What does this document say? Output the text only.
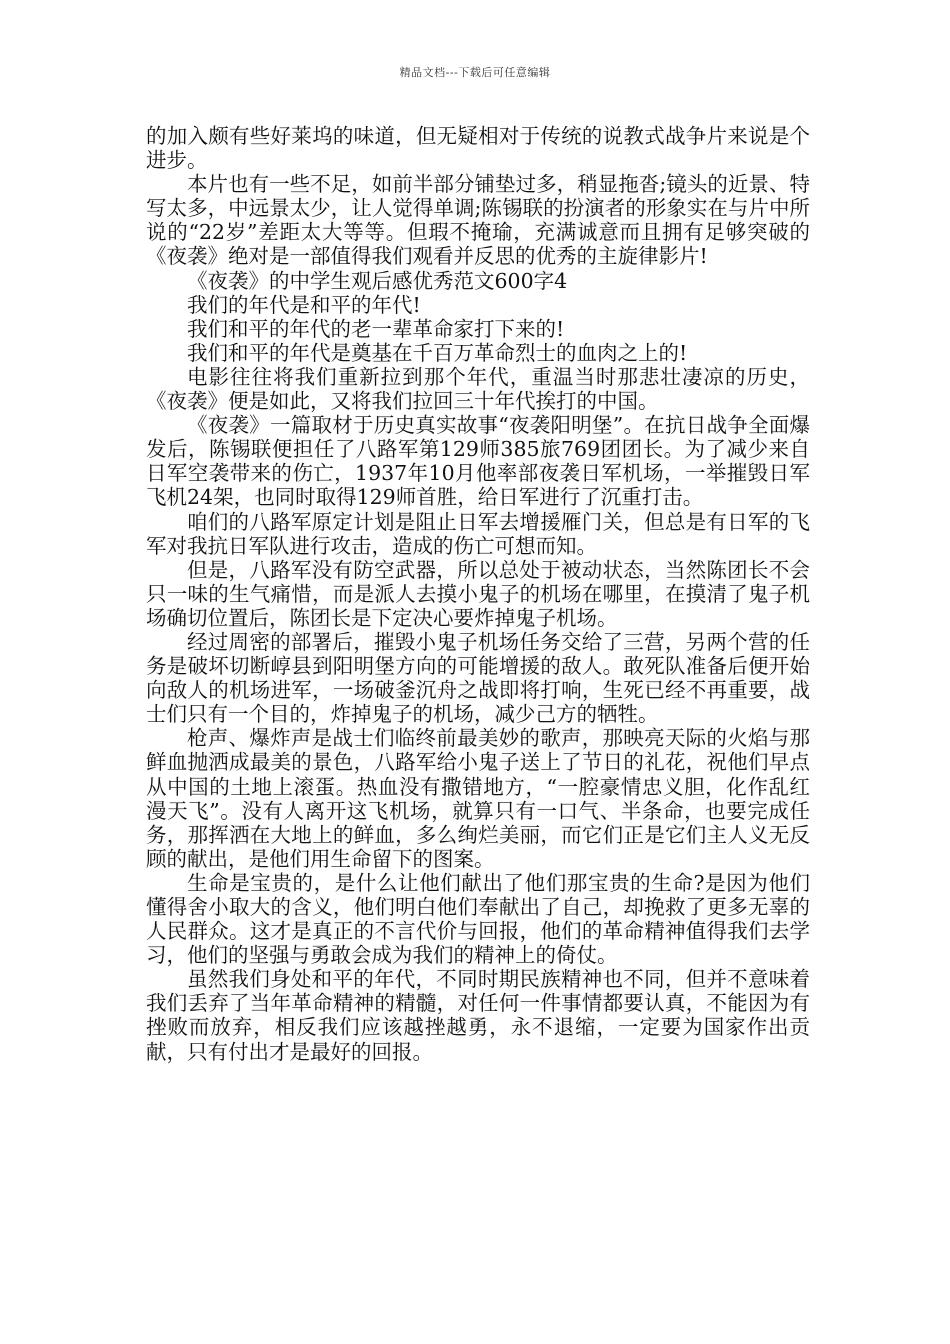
精品文档---下载后可任意编辑

的加入颇有些好莱坞的味道，但无疑相对于传统的说教式战争片来说是个进步。

本片也有一些不足，如前半部分铺垫过多，稍显拖沓;镜头的近景、特写太多，中远景太少，让人觉得单调;陈锡联的扮演者的形象实在与片中所说的“22岁”差距太大等等。但瑕不掩瑜，充满诚意而且拥有足够突破的《夜袭》绝对是一部值得我们观看并反思的优秀的主旋律影片!

《夜袭》的中学生观后感优秀范文600字4

我们的年代是和平的年代!

我们和平的年代的老一辈革命家打下来的!

我们和平的年代是奠基在千百万革命烈士的血肉之上的!

电影往往将我们重新拉到那个年代，重温当时那悲壮凄凉的历史，《夜袭》便是如此，又将我们拉回三十年代挨打的中国。

《夜袭》一篇取材于历史真实故事“夜袭阳明堡”。在抗日战争全面爆发后，陈锡联便担任了八路军第129师385旅769团团长。为了减少来自日军空袭带来的伤亡，1937年10月他率部夜袭日军机场，一举摧毁日军飞机24架，也同时取得129师首胜，给日军进行了沉重打击。

咱们的八路军原定计划是阻止日军去增援雁门关，但总是有日军的飞军对我抗日军队进行攻击，造成的伤亡可想而知。

但是，八路军没有防空武器，所以总处于被动状态，当然陈团长不会只一味的生气痛惜，而是派人去摸小鬼子的机场在哪里，在摸清了鬼子机场确切位置后，陈团长是下定决心要炸掉鬼子机场。

经过周密的部署后，摧毁小鬼子机场任务交给了三营，另两个营的任务是破坏切断崞县到阳明堡方向的可能增援的敌人。敢死队准备后便开始向敌人的机场进军，一场破釜沉舟之战即将打响，生死已经不再重要，战士们只有一个目的，炸掉鬼子的机场，减少己方的牺牲。

枪声、爆炸声是战士们临终前最美妙的歌声，那映亮天际的火焰与那鲜血抛洒成最美的景色，八路军给小鬼子送上了节日的礼花，祝他们早点从中国的土地上滚蛋。热血没有撒错地方，“一腔豪情忠义胆，化作乱红漫天飞”。没有人离开这飞机场，就算只有一口气、半条命，也要完成任务，那挥洒在大地上的鲜血，多么绚烂美丽，而它们正是它们主人义无反顾的献出，是他们用生命留下的图案。

生命是宝贵的，是什么让他们献出了他们那宝贵的生命?是因为他们懂得舍小取大的含义，他们明白他们奉献出了自己，却挽救了更多无辜的人民群众。这才是真正的不言代价与回报，他们的革命精神值得我们去学习，他们的坚强与勇敢会成为我们的精神上的倚仗。

虽然我们身处和平的年代，不同时期民族精神也不同，但并不意味着我们丢弃了当年革命精神的精髓，对任何一件事情都要认真，不能因为有挫败而放弃，相反我们应该越挫越勇，永不退缩，一定要为国家作出贡献，只有付出才是最好的回报。
